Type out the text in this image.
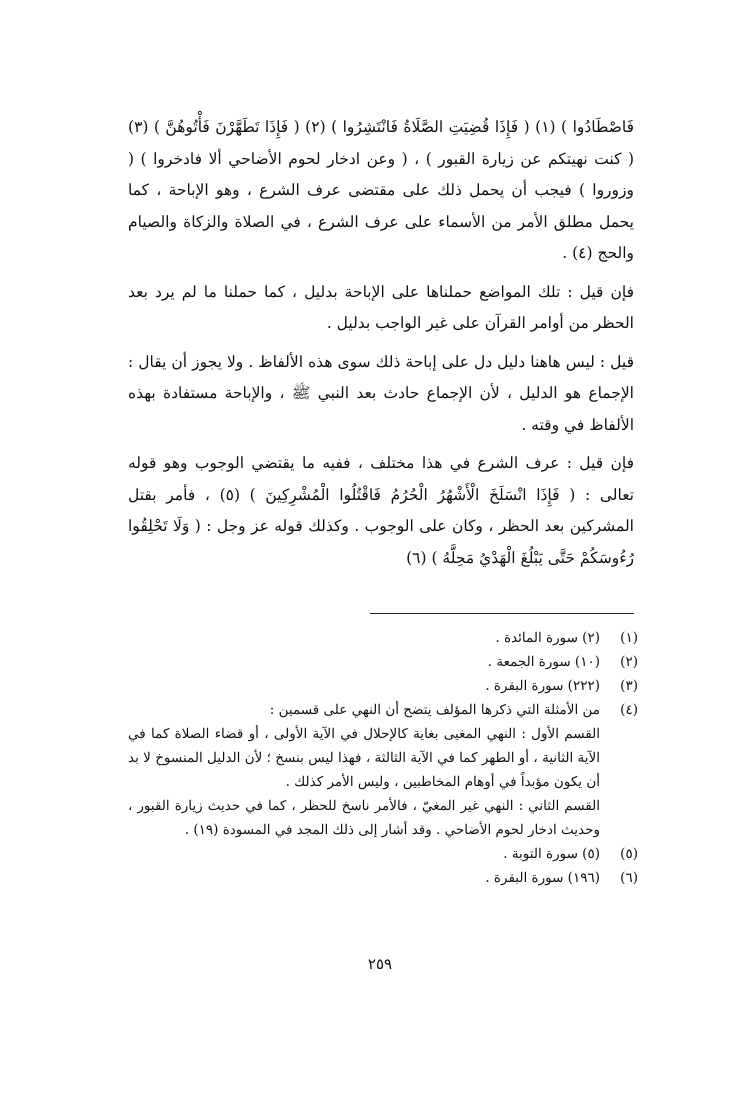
فَاصْطَادُوا ) (١) ( فَإِذَا قُضِيَتِ الصَّلَاةُ فَانْتَشِرُوا ) (٢) ( فَإِذَا تَطَهَّرْنَ فَأْتُوهُنَّ ) (٣) ( كنت نهيتكم عن زيارة القبور ) ، ( وعن ادخار لحوم الأضاحي ألا فادخروا ) ( وزوروا ) فيجب أن يحمل ذلك على مقتضى عرف الشرع ، وهو الإباحة ، كما يحمل مطلق الأمر من الأسماء على عرف الشرع ، في الصلاة والزكاة والصيام والحج (٤) .

فإن قيل : تلك المواضع حملناها على الإباحة بدليل ، كما حملنا ما لم يرد بعد الحظر من أوامر القرآن على غير الواجب بدليل .

قيل : ليس هاهنا دليل دل على إباحة ذلك سوى هذه الألفاظ . ولا يجوز أن يقال : الإجماع هو الدليل ، لأن الإجماع حادث بعد النبي ﷺ ، والإباحة مستفادة بهذه الألفاظ في وقته .

فإن قيل : عرف الشرع في هذا مختلف ، ففيه ما يقتضي الوجوب وهو قوله تعالى : ( فَإِذَا انْسَلَخَ الْأَشْهُرُ الْحُرُمُ فَاقْتُلُوا الْمُشْرِكِينَ ) (٥) ، فأمر بقتل المشركين بعد الحظر ، وكان على الوجوب . وكذلك قوله عز وجل : ( وَلَا تَحْلِقُوا رُءُوسَكُمْ حَتَّى يَبْلُغَ الْهَدْيُ مَحِلَّهُ ) (٦)

(١)
(٢) سورة المائدة .
(٢)
(١٠) سورة الجمعة .
(٣)
(٢٢٢) سورة البقرة .
(٤)

من الأمثلة التي ذكرها المؤلف يتضح أن النهي على قسمين :

القسم الأول : النهي المغيى بغاية كالإحلال في الآية الأولى ، أو قضاء الصلاة كما في الآية الثانية ، أو الطهر كما في الآية الثالثة ، فهذا ليس بنسخ ؛ لأن الدليل المنسوخ لا بد أن يكون مؤبداً في أوهام المخاطبين ، وليس الأمر كذلك .

القسم الثاني : النهي غير المغيّ ، فالأمر ناسخ للحظر ، كما في حديث زيارة القبور ، وحديث ادخار لحوم الأضاحي . وقد أشار إلى ذلك المجد في المسودة (١٩) .

(٥)
(٥) سورة التوبة .
(٦)
(١٩٦) سورة البقرة .
٢٥٩
